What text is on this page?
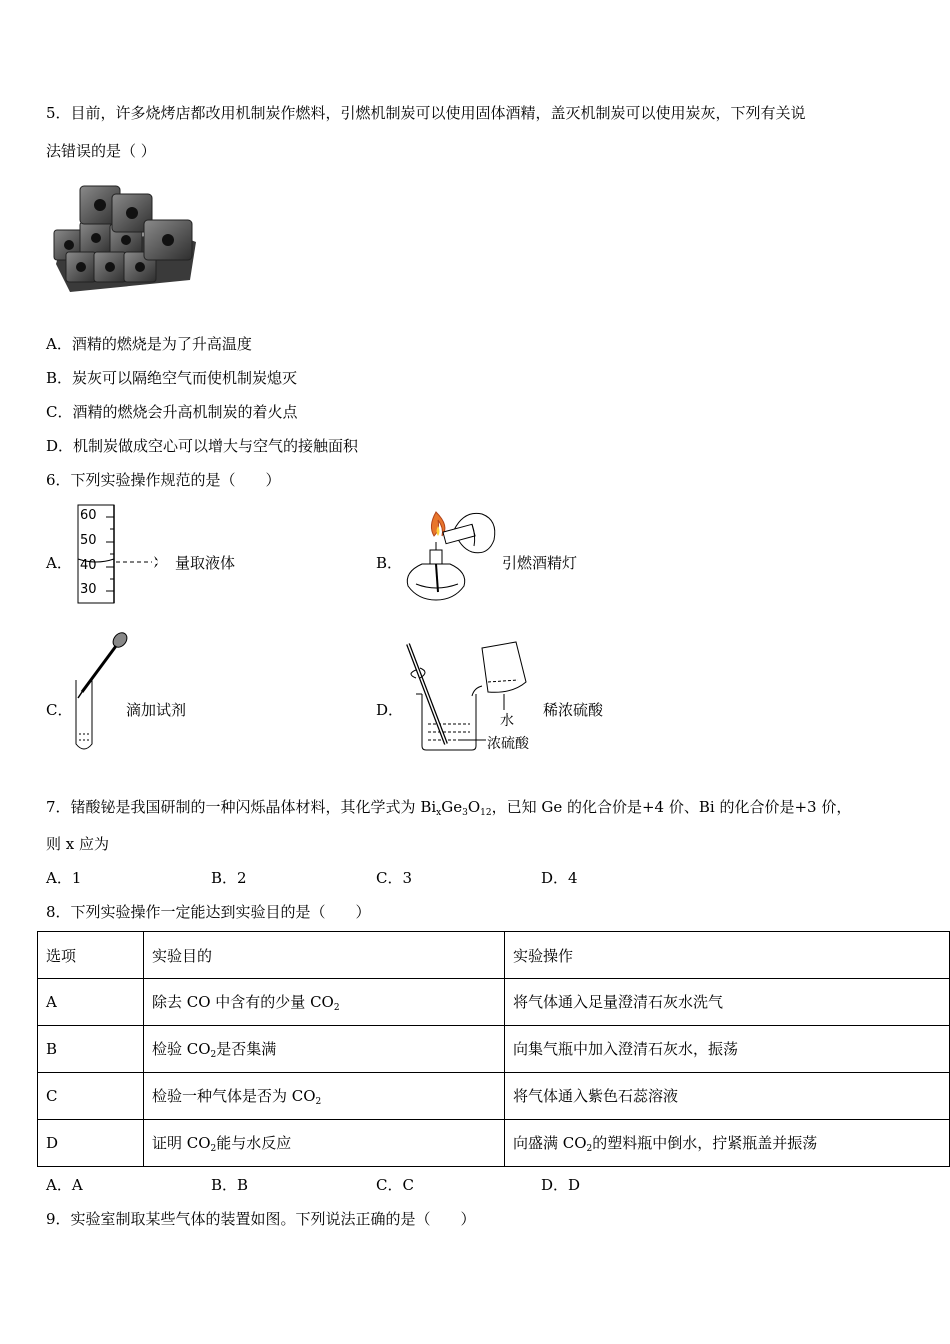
5．目前，许多烧烤店都改用机制炭作燃料，引燃机制炭可以使用固体酒精，盖灭机制炭可以使用炭灰，下列有关说
法错误的是（ ）
A．酒精的燃烧是为了升高温度
B．炭灰可以隔绝空气而使机制炭熄灭
C．酒精的燃烧会升高机制炭的着火点
D．机制炭做成空心可以增大与空气的接触面积
6．下列实验操作规范的是（　　）
A．
60
50
40
30
量取液体	B．	引燃酒精灯
C．	滴加试剂	D．
水
浓硫酸
稀浓硫酸
7．锗酸铋是我国研制的一种闪烁晶体材料，其化学式为 $Bi_xGe_3O_{12}$，已知 Ge 的化合价是+4 价、Bi 的化合价是+3 价，
则 x 应为
A．1	B．2	C．3	D．4
8．下列实验操作一定能达到实验目的是（　　）
选项	实验目的	实验操作
A	除去 CO 中含有的少量 $CO_2$	将气体通入足量澄清石灰水洗气
B	检验 $CO_2$是否集满	向集气瓶中加入澄清石灰水，振荡
C	检验一种气体是否为 $CO_2$	将气体通入紫色石蕊溶液
D	证明 $CO_2$能与水反应	向盛满 $CO_2$的塑料瓶中倒水，拧紧瓶盖并振荡
A．A	B．B	C．C	D．D
9．实验室制取某些气体的装置如图。下列说法正确的是（　　）
